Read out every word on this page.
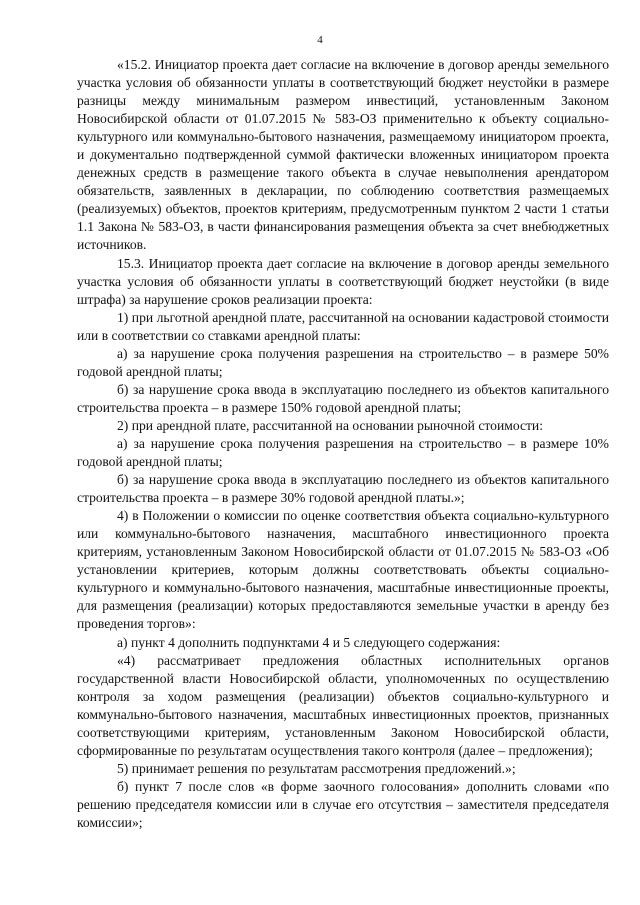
4

«15.2. Инициатор проекта дает согласие на включение в договор аренды земельного участка условия об обязанности уплаты в соответствующий бюджет неустойки в размере разницы между минимальным размером инвестиций, установленным Законом Новосибирской области от 01.07.2015 № 583-ОЗ применительно к объекту социально-культурного или коммунально-бытового назначения, размещаемому инициатором проекта, и документально подтвержденной суммой фактически вложенных инициатором проекта денежных средств в размещение такого объекта в случае невыполнения арендатором обязательств, заявленных в декларации, по соблюдению соответствия размещаемых (реализуемых) объектов, проектов критериям, предусмотренным пунктом 2 части 1 статьи 1.1 Закона № 583-ОЗ, в части финансирования размещения объекта за счет внебюджетных источников.

15.3. Инициатор проекта дает согласие на включение в договор аренды земельного участка условия об обязанности уплаты в соответствующий бюджет неустойки (в виде штрафа) за нарушение сроков реализации проекта:

1) при льготной арендной плате, рассчитанной на основании кадастровой стоимости или в соответствии со ставками арендной платы:

а) за нарушение срока получения разрешения на строительство – в размере 50% годовой арендной платы;

б) за нарушение срока ввода в эксплуатацию последнего из объектов капитального строительства проекта – в размере 150% годовой арендной платы;

2) при арендной плате, рассчитанной на основании рыночной стоимости:

а) за нарушение срока получения разрешения на строительство – в размере 10% годовой арендной платы;

б) за нарушение срока ввода в эксплуатацию последнего из объектов капитального строительства проекта – в размере 30% годовой арендной платы.»;

4) в Положении о комиссии по оценке соответствия объекта социально-культурного или коммунально-бытового назначения, масштабного инвестиционного проекта критериям, установленным Законом Новосибирской области от 01.07.2015 № 583-ОЗ «Об установлении критериев, которым должны соответствовать объекты социально-культурного и коммунально-бытового назначения, масштабные инвестиционные проекты, для размещения (реализации) которых предоставляются земельные участки в аренду без проведения торгов»:

а) пункт 4 дополнить подпунктами 4 и 5 следующего содержания:

«4) рассматривает предложения областных исполнительных органов государственной власти Новосибирской области, уполномоченных по осуществлению контроля за ходом размещения (реализации) объектов социально-культурного и коммунально-бытового назначения, масштабных инвестиционных проектов, признанных соответствующими критериям, установленным Законом Новосибирской области, сформированные по результатам осуществления такого контроля (далее – предложения);

5) принимает решения по результатам рассмотрения предложений.»;

б) пункт 7 после слов «в форме заочного голосования» дополнить словами «по решению председателя комиссии или в случае его отсутствия – заместителя председателя комиссии»;
